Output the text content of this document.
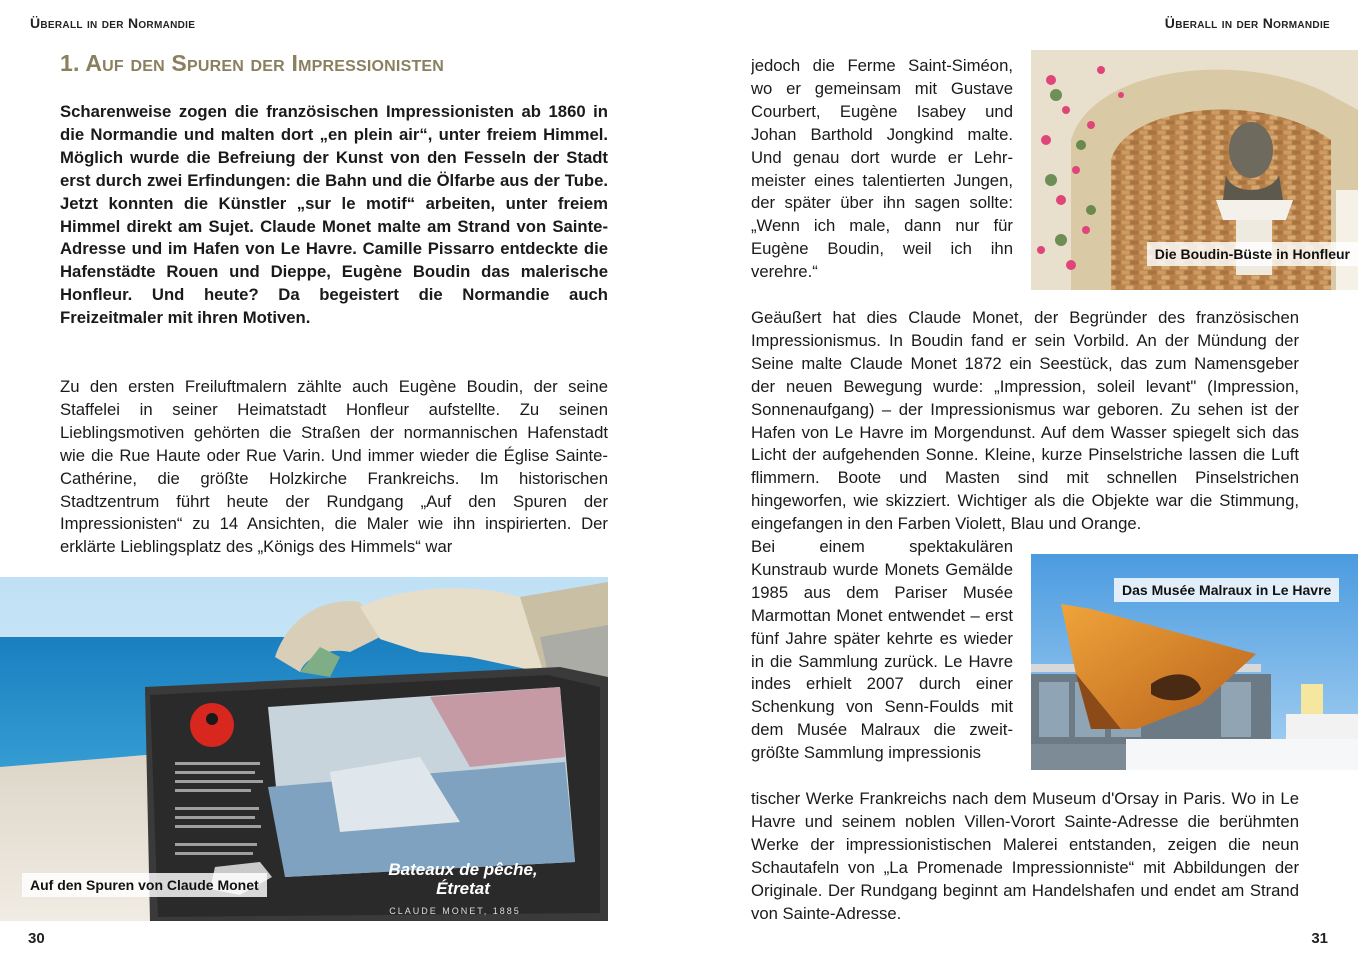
Überall in der Normandie	Überall in der Normandie
1. Auf den Spuren der Impressionisten

Scharenweise zogen die französischen Impressionisten ab 1860 in die Normandie und malten dort „en plein air“, unter freiem Himmel. Möglich wurde die Befreiung der Kunst von den Fesseln der Stadt erst durch zwei Erfindungen: die Bahn und die Ölfarbe aus der Tube. Jetzt konnten die Künstler „sur le motif“ arbeiten, unter freiem Himmel direkt am Sujet. Claude Monet malte am Strand von Sainte-Adresse und im Hafen von Le Havre. Camille Pissarro entdeckte die Hafenstädte Rouen und Dieppe, Eugène Boudin das malerische Honfleur. Und heute? Da begeistert die Normandie auch Freizeitmaler mit ihren Motiven.

Zu den ersten Freiluftmalern zählte auch Eugène Boudin, der seine Staffelei in seiner Heimatstadt Honfleur aufstellte. Zu seinen Lieblingsmotiven gehörten die Straßen der normannischen Hafenstadt wie die Rue Haute oder Rue Varin. Und immer wieder die Église Sainte-Cathérine, die größte Holzkirche Frankreichs. Im historischen Stadtzentrum führt heute der Rundgang „Auf den Spuren der Impressionisten“ zu 14 Ansichten, die Maler wie ihn inspirierten. Der erklärte Lieblingsplatz des „Königs des Himmels“ war

jedoch die Ferme Saint-Siméon, wo er gemeinsam mit Gustave Courbert, Eugène Isabey und Johan Barthold Jongkind malte. Und genau dort wurde er Lehrmeister eines talentierten Jungen, der später über ihn sagen sollte: „Wenn ich male, dann nur für Eugène Boudin, weil ich ihn verehre.“

Geäußert hat dies Claude Monet, der Begründer des französischen Impressionismus. In Boudin fand er sein Vorbild. An der Mündung der Seine malte Claude Monet 1872 ein Seestück, das zum Namensgeber der neuen Bewegung wurde: „Impression, soleil levant" (Impression, Sonnenaufgang) – der Impressionismus war geboren. Zu sehen ist der Hafen von Le Havre im Morgendunst. Auf dem Wasser spiegelt sich das Licht der aufgehenden Sonne. Kleine, kurze Pinselstriche lassen die Luft flimmern. Boote und Masten sind mit schnellen Pinselstrichen hingeworfen, wie skizziert. Wichtiger als die Objekte war die Stimmung, eingefangen in den Farben Violett, Blau und Orange.

Bei einem spektakulären Kunstraub wurde Monets Gemälde 1985 aus dem Pariser Musée Marmottan Monet entwendet – erst fünf Jahre später kehrte es wieder in die Sammlung zurück. Le Havre indes erhielt 2007 durch einer Schenkung von Senn-Foulds mit dem Musée Malraux die zweitgrößte Sammlung impressionis

tischer Werke Frankreichs nach dem Museum d'Orsay in Paris. Wo in Le Havre und seinem noblen Villen-Vorort Sainte-Adresse die berühmten Werke der impressionistischen Malerei entstanden, zeigen die neun Schautafeln von „La Promenade Impressionniste“ mit Abbildungen der Originale. Der Rundgang beginnt am Handelshafen und endet am Strand von Sainte-Adresse.

Bateaux de pêche,
Étretat
CLAUDE MONET, 1885
Auf den Spuren von Claude Monet
Die Boudin-Büste in Honfleur
Das Musée Malraux in Le Havre
30	31
